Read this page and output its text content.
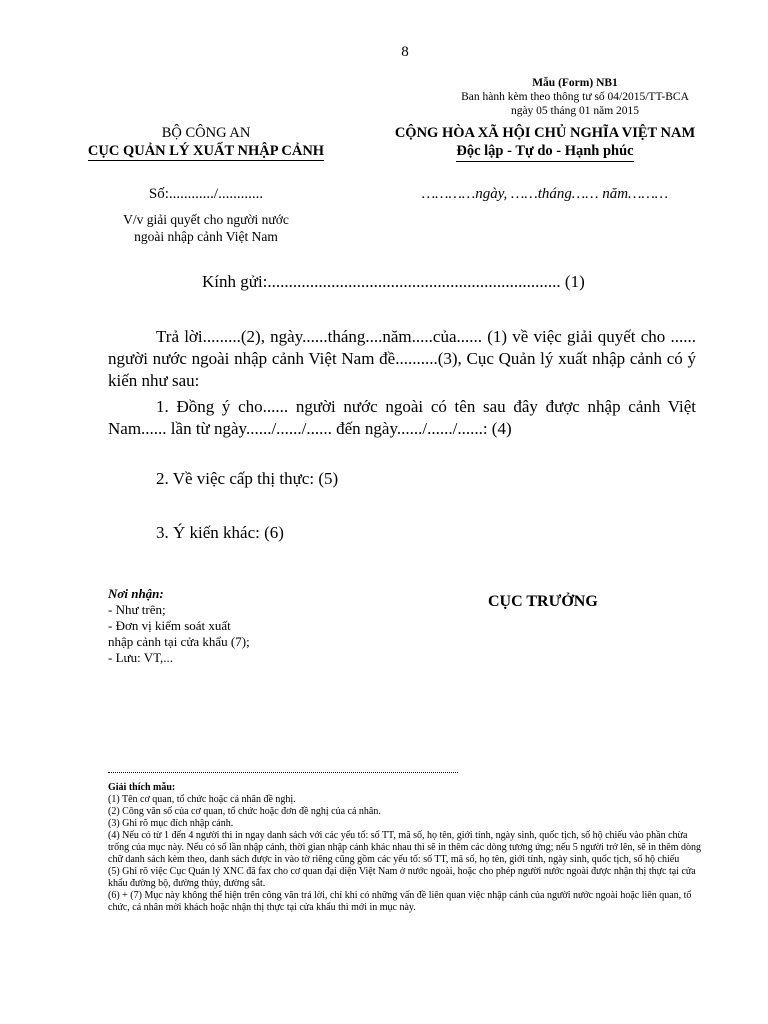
8
Mẫu (Form) NB1
Ban hành kèm theo thông tư số 04/2015/TT-BCA
ngày 05 tháng 01 năm 2015
BỘ CÔNG AN
CỤC QUẢN LÝ XUẤT NHẬP CẢNH
CỘNG HÒA XÃ HỘI CHỦ NGHĨA VIỆT NAM
Độc lập - Tự do - Hạnh phúc
Số:............/............	…………ngày, ……tháng…… năm………
V/v giải quyết cho người nước
ngoài nhập cảnh Việt Nam
Kính gửi:..................................................................... (1)
Trả lời.........(2), ngày......tháng....năm.....của...... (1) về việc giải quyết cho ...... người nước ngoài nhập cảnh Việt Nam đề..........(3), Cục Quản lý xuất nhập cảnh có ý kiến như sau:
1. Đồng ý cho...... người nước ngoài có tên sau đây được nhập cảnh Việt Nam...... lần từ ngày....../....../...... đến ngày....../....../......: (4)
2. Về việc cấp thị thực: (5)
3. Ý kiến khác: (6)
Nơi nhận:
- Như trên;
- Đơn vị kiểm soát xuất
nhập cảnh tại cửa khẩu (7);
- Lưu: VT,...
CỤC TRƯỞNG
Giải thích mẫu:
(1) Tên cơ quan, tổ chức hoặc cá nhân đề nghị.
(2) Công văn số của cơ quan, tổ chức hoặc đơn đề nghị của cá nhân.
(3) Ghi rõ mục đích nhập cảnh.
(4) Nếu có từ 1 đến 4 người thì in ngay danh sách với các yếu tố: số TT, mã số, họ tên, giới tính, ngày sinh, quốc tịch, số hộ chiếu vào phần chừa trống của mục này. Nếu có số lần nhập cảnh, thời gian nhập cảnh khác nhau thì sẽ in thêm các dòng tương ứng; nếu 5 người trở lên, sẽ in thêm dòng chữ danh sách kèm theo, danh sách được in vào tờ riêng cũng gồm các yếu tố: số TT, mã số, họ tên, giới tính, ngày sinh, quốc tịch, số hộ chiếu
(5) Ghi rõ việc Cục Quản lý XNC đã fax cho cơ quan đại diện Việt Nam ở nước ngoài, hoặc cho phép người nước ngoài được nhận thị thực tại cửa khẩu đường bộ, đường thủy, đường sắt.
(6) + (7) Mục này không thể hiện trên công văn trả lời, chỉ khi có những vấn đề liên quan việc nhập cảnh của người nước ngoài hoặc liên quan, tổ chức, cá nhân mời khách hoặc nhận thị thực tại cửa khẩu thì mới in mục này.
